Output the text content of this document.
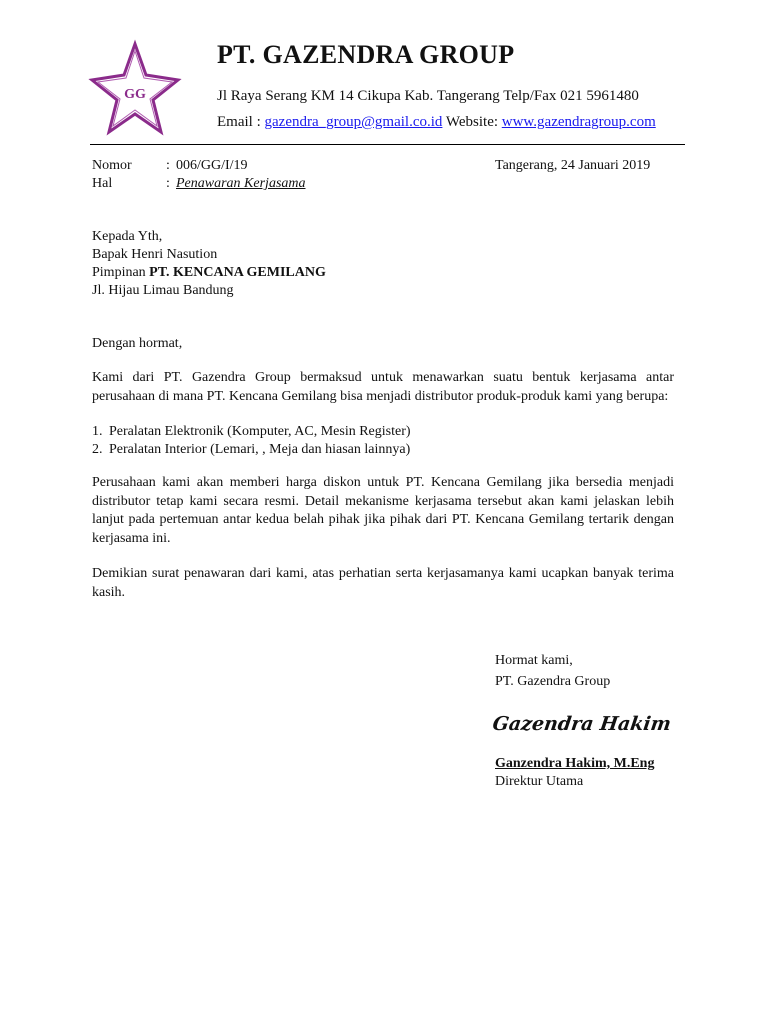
GG
PT. GAZENDRA GROUP
Jl Raya Serang KM 14 Cikupa Kab. Tangerang Telp/Fax 021 5961480
Email : gazendra_group@gmail.co.id Website: www.gazendragroup.com
Nomor : 006/GG/I/19	Tangerang, 24 Januari 2019
Hal	: Penawaran Kerjasama
Kepada Yth,
Bapak Henri Nasution
Pimpinan PT. KENCANA GEMILANG
Jl. Hijau Limau Bandung
Dengan hormat,
Kami dari PT. Gazendra Group bermaksud untuk menawarkan suatu bentuk kerjasama antar perusahaan di mana PT. Kencana Gemilang bisa menjadi distributor produk-produk kami yang berupa:
1. Peralatan Elektronik (Komputer, AC, Mesin Register)
2. Peralatan Interior (Lemari, , Meja dan hiasan lainnya)
Perusahaan kami akan memberi harga diskon untuk PT. Kencana Gemilang jika bersedia menjadi distributor tetap kami secara resmi. Detail mekanisme kerjasama tersebut akan kami jelaskan lebih lanjut pada pertemuan antar kedua belah pihak jika pihak dari PT. Kencana Gemilang tertarik dengan kerjasama ini.
Demikian surat penawaran dari kami, atas perhatian serta kerjasamanya kami ucapkan banyak terima kasih.
Hormat kami,
PT. Gazendra Group
Gazendra Hakim
Ganzendra Hakim, M.Eng
Direktur Utama
